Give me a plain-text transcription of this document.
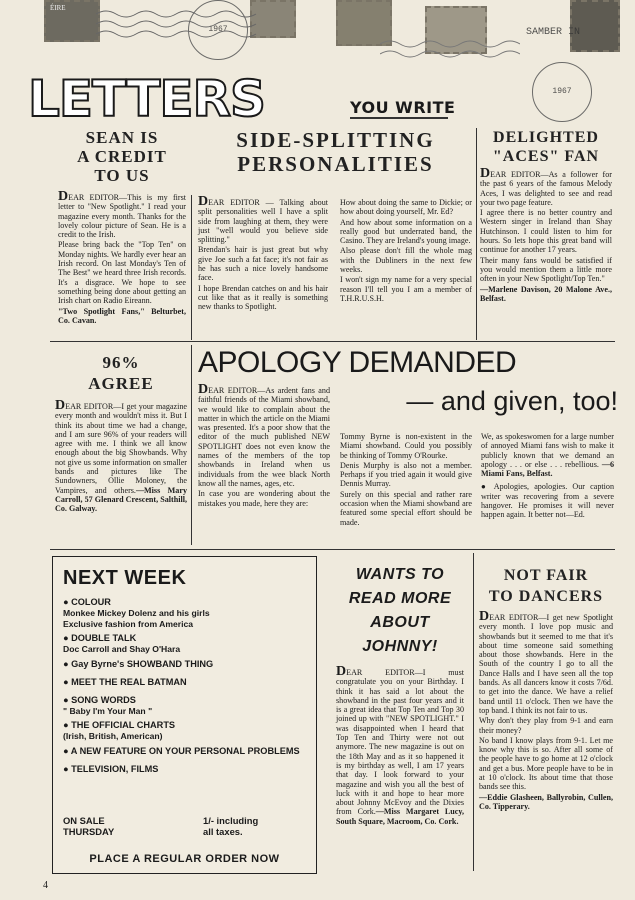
ÉIRE
1967	SAMBER IN
1967
LETTERS	YOU WRITE
SEAN IS
A CREDIT
TO US

DEAR EDITOR—This is my first letter to "New Spotlight." I read your magazine every month. Thanks for the lovely colour picture of Sean. He is a credit to the Irish.

Please bring back the "Top Ten" on Monday nights. We hardly ever hear an Irish record. On last Monday's Ten of The Best" we heard three Irish records. It's a disgrace. We hope to see something being done about getting an Irish chart on Radio Eireann.

"Two Spotlight Fans," Belturbet, Co. Cavan.

SIDE-SPLITTING
PERSONALITIES

DEAR EDITOR — Talking about split personalities well I have a split side from laughing at them, they were just "well would you believe side splitting."

Brendan's hair is just great but why give Joe such a fat face; it's not fair as he has such a nice lovely handsome face.

I hope Brendan catches on and his hair cut like that as it really is something new thanks to Spotlight.

How about doing the same to Dickie; or how about doing yourself, Mr. Ed?

And how about some information on a really good but underrated band, the Casino. They are Ireland's young image.

Also please don't fill the whole mag with the Dubliners in the next few weeks.

I won't sign my name for a very special reason I'll tell you I am a member of T.H.R.U.S.H.

DELIGHTED
"ACES" FAN

DEAR EDITOR—As a follower for the past 6 years of the famous Melody Aces, I was delighted to see and read your two page feature.

I agree there is no better country and Western singer in Ireland than Shay Hutchinson. I could listen to him for hours. So lets hope this great band will continue for another 17 years.

Their many fans would be satisfied if you would mention them a little more often in your New Spotlight/Top Ten."

—Marlene Davison, 20 Malone Ave., Belfast.

96%
AGREE

DEAR EDITOR—I get your magazine every month and wouldn't miss it. But I think its about time we had a change, and I am sure 96% of your readers will agree with me. I think we all know enough about the big Showbands. Why not give us some information on smaller bands and pictures like The Sundowners, Ollie Moloney, the Vampires, and others.—Miss Mary Carroll, 57 Glenard Crescent, Salthill, Co. Galway.

APOLOGY DEMANDED
— and given, too!

DEAR EDITOR—As ardent fans and faithful friends of the Miami showband, we would like to complain about the matter in which the article on the Miami was presented. It's a poor show that the editor of the much published NEW SPOTLIGHT does not even know the names of the members of the top showbands in Ireland when us individuals from the wee black North know all the names, ages, etc.

In case you are wondering about the mistakes you made, here they are:

Tommy Byrne is non-existent in the Miami showband. Could you possibly be thinking of Tommy O'Rourke.

Denis Murphy is also not a member. Perhaps if you tried again it would give Dennis Murray.

Surely on this special and rather rare occasion when the Miami showband are featured some special effort should be made.

We, as spokeswomen for a large number of annoyed Miami fans wish to make it publicly known that we demand an apology . . . or else . . . rebellious. —6 Miami Fans, Belfast.

● Apologies, apologies. Our caption writer was recovering from a severe hangover. He promises it will never happen again. It better not—Ed.

NEXT WEEK

● COLOUR

Monkee Mickey Dolenz and his girls
Exclusive fashion from America

● DOUBLE TALK

Doc Carroll and Shay O'Hara

● Gay Byrne's SHOWBAND THING

● MEET THE REAL BATMAN

● SONG WORDS

" Baby I'm Your Man "

● THE OFFICIAL CHARTS

(Irish, British, American)

● A NEW FEATURE ON YOUR PERSONAL PROBLEMS

● TELEVISION, FILMS

ON SALE
THURSDAY
1/- including
all taxes.
PLACE A REGULAR ORDER NOW
WANTS TO
READ MORE
ABOUT
JOHNNY!

DEAR EDITOR—I must congratulate you on your Birthday. I think it has said a lot about the showband in the past four years and it is a great idea that Top Ten and Top 30 joined up with "NEW SPOTLIGHT." I was disappointed when I heard that Top Ten and Thirty were not out anymore. The new magazine is out on the 18th May and as it so happened it is my birthday as well, I am 17 years that day. I look forward to your magazine and wish you all the best of luck with it and hope to hear more about Johnny McEvoy and the Dixies from Cork.—Miss Margaret Lucy, South Square, Macroom, Co. Cork.

NOT FAIR
TO DANCERS

DEAR EDITOR—I get new Spotlight every month. I love pop music and showbands but it seemed to me that it's about time someone said something about those showbands. Here in the South of the country I go to all the Dance Halls and I have seen all the top bands. As all dancers know it costs 7/6d. to get into the dance. We have a relief band until 11 o'clock. Then we have the top band. I think its not fair to us.

Why don't they play from 9-1 and earn their money?

No band I know plays from 9-1. Let me know why this is so. After all some of the people have to go home at 12 o'clock and get a bus. More people have to be in at 10 o'clock. Its about time that those bands see this.

—Eddie Glasheen, Ballyrobin, Cullen, Co. Tipperary.

4
